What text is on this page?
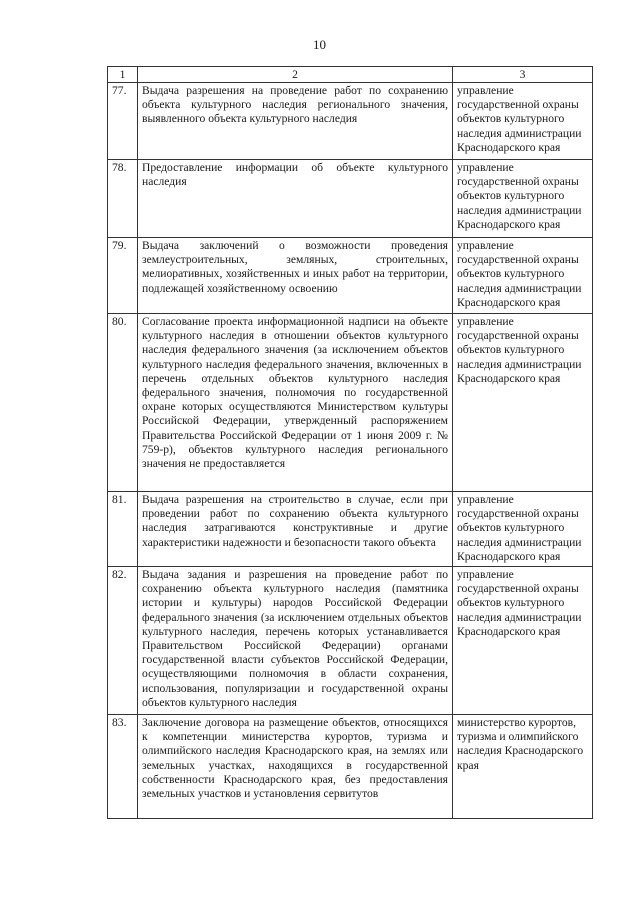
10
1	2	3
77.	Выдача разрешения на проведение работ по сохранению объекта культурного наследия регионального значения, выявленного объекта культурного наследия	управление государственной охраны объектов культурного наследия администрации Краснодарского края
78.	Предоставление информации об объекте культурного наследия	управление государственной охраны объектов культурного наследия администрации Краснодарского края
79.	Выдача заключений о возможности проведения землеустроительных, земляных, строительных, мелиоративных, хозяйственных и иных работ на территории, подлежащей хозяйственному освоению	управление государственной охраны объектов культурного наследия администрации Краснодарского края
80.	Согласование проекта информационной надписи на объекте культурного наследия в отношении объектов культурного наследия федерального значения (за исключением объектов культурного наследия федерального значения, включенных в перечень отдельных объектов культурного наследия федерального значения, полномочия по государственной охране которых осуществляются Министерством культуры Российской Федерации, утвержденный распоряжением Правительства Российской Федерации от 1 июня 2009 г. № 759-р), объектов культурного наследия регионального значения не предоставляется	управление государственной охраны объектов культурного наследия администрации Краснодарского края
81.	Выдача разрешения на строительство в случае, если при проведении работ по сохранению объекта культурного наследия затрагиваются конструктивные и другие характеристики надежности и безопасности такого объекта	управление государственной охраны объектов культурного наследия администрации Краснодарского края
82.	Выдача задания и разрешения на проведение работ по сохранению объекта культурного наследия (памятника истории и культуры) народов Российской Федерации федерального значения (за исключением отдельных объектов культурного наследия, перечень которых устанавливается Правительством Российской Федерации) органами государственной власти субъектов Российской Федерации, осуществляющими полномочия в области сохранения, использования, популяризации и государственной охраны объектов культурного наследия	управление государственной охраны объектов культурного наследия администрации Краснодарского края
83.	Заключение договора на размещение объектов, относящихся к компетенции министерства курортов, туризма и олимпийского наследия Краснодарского края, на землях или земельных участках, находящихся в государственной собственности Краснодарского края, без предоставления земельных участков и установления сервитутов	министерство курортов, туризма и олимпийского наследия Краснодарского края
